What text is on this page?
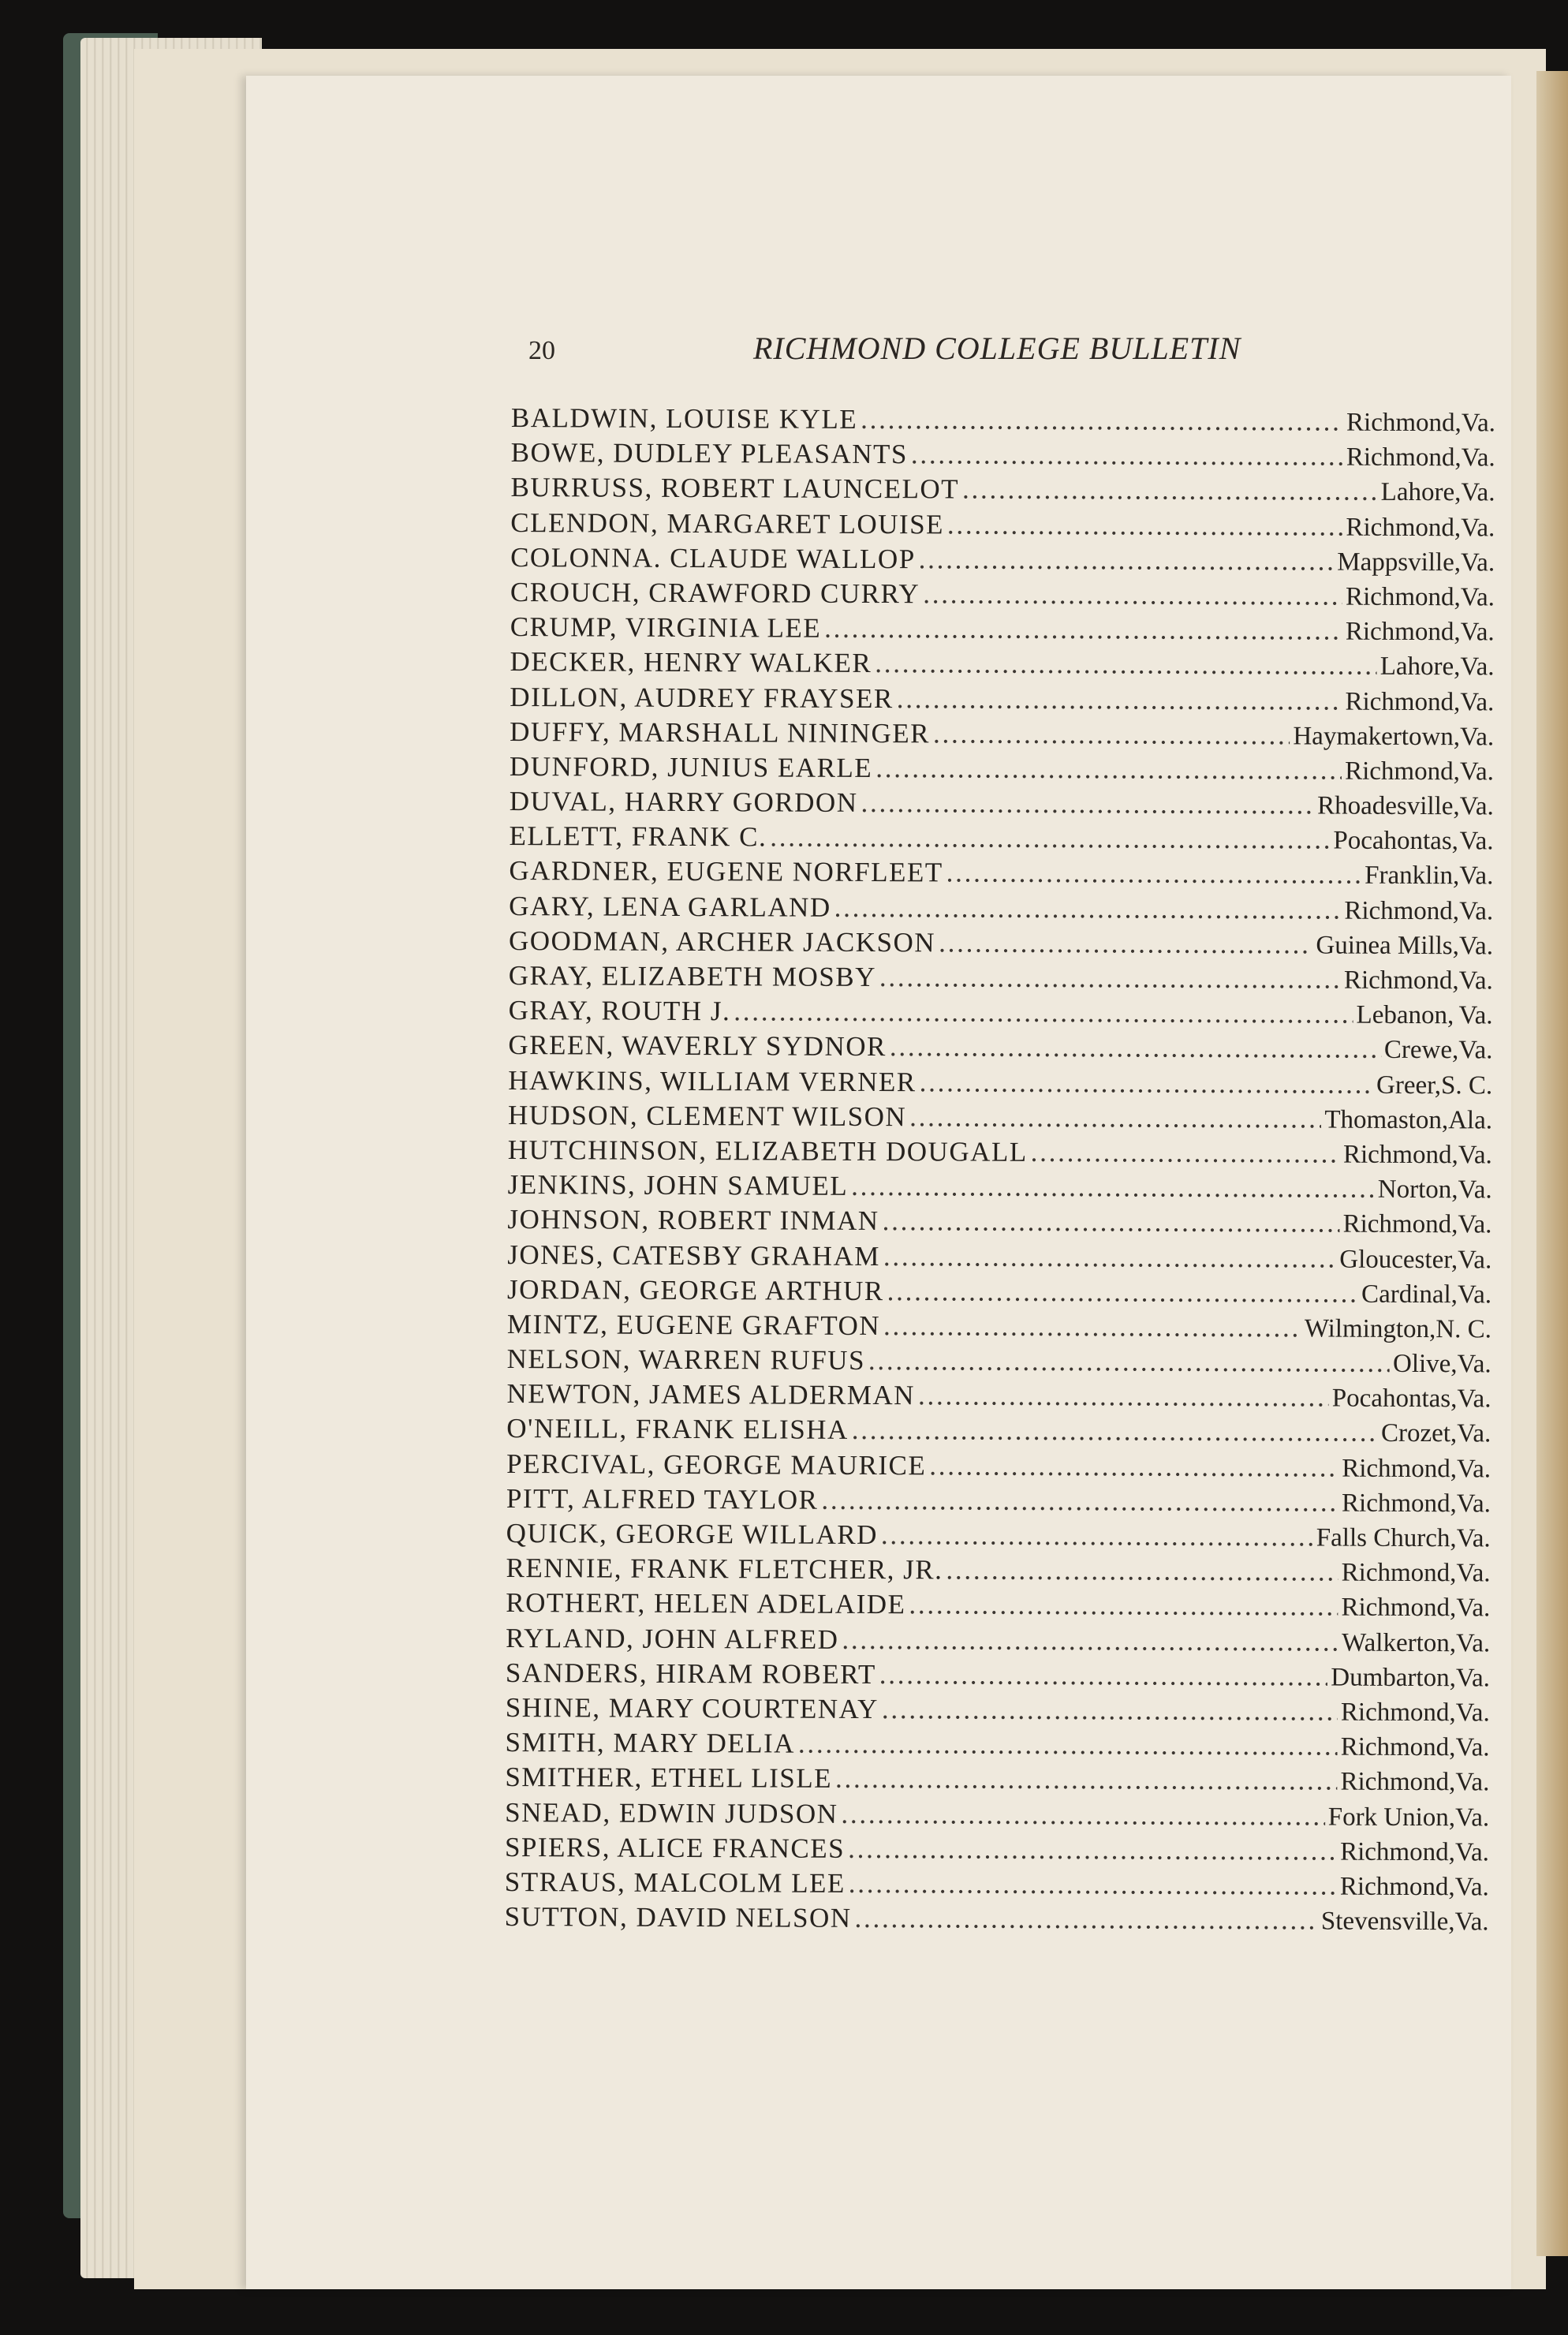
20	RICHMOND COLLEGE BULLETIN
BALDWIN, LOUISE KYLE . . .	Richmond, Va.
BOWE, DUDLEY PLEASANTS . . .	Richmond, Va.
BURRUSS, ROBERT LAUNCELOT . . .	Lahore, Va.
CLENDON, MARGARET LOUISE . . .	Richmond, Va.
COLONNA. CLAUDE WALLOP . . .	Mappsville, Va.
CROUCH, CRAWFORD CURRY . . .	Richmond, Va.
CRUMP, VIRGINIA LEE . . .	Richmond, Va.
DECKER, HENRY WALKER . . .	Lahore, Va.
DILLON, AUDREY FRAYSER . . .	Richmond, Va.
DUFFY, MARSHALL NININGER . . .	Haymakertown, Va.
DUNFORD, JUNIUS EARLE . . .	Richmond, Va.
DUVAL, HARRY GORDON . . .	Rhoadesville, Va.
ELLETT, FRANK C. . . .	Pocahontas, Va.
GARDNER, EUGENE NORFLEET . . .	Franklin, Va.
GARY, LENA GARLAND . . .	Richmond, Va.
GOODMAN, ARCHER JACKSON . . .	Guinea Mills, Va.
GRAY, ELIZABETH MOSBY . . .	Richmond, Va.
GRAY, ROUTH J. . . .	Lebanon, Va.
GREEN, WAVERLY SYDNOR . . .	Crewe, Va.
HAWKINS, WILLIAM VERNER . . .	Greer, S. C.
HUDSON, CLEMENT WILSON . . .	Thomaston, Ala.
HUTCHINSON, ELIZABETH DOUGALL . . .	Richmond, Va.
JENKINS, JOHN SAMUEL . . .	Norton, Va.
JOHNSON, ROBERT INMAN . . .	Richmond, Va.
JONES, CATESBY GRAHAM . . .	Gloucester, Va.
JORDAN, GEORGE ARTHUR . . .	Cardinal, Va.
MINTZ, EUGENE GRAFTON . . .	Wilmington, N. C.
NELSON, WARREN RUFUS . . .	Olive, Va.
NEWTON, JAMES ALDERMAN . . .	Pocahontas, Va.
O'NEILL, FRANK ELISHA . . .	Crozet, Va.
PERCIVAL, GEORGE MAURICE . . .	Richmond, Va.
PITT, ALFRED TAYLOR . . .	Richmond, Va.
QUICK, GEORGE WILLARD . . .	Falls Church, Va.
RENNIE, FRANK FLETCHER, JR. . . .	Richmond, Va.
ROTHERT, HELEN ADELAIDE . . .	Richmond, Va.
RYLAND, JOHN ALFRED . . .	Walkerton, Va.
SANDERS, HIRAM ROBERT . . .	Dumbarton, Va.
SHINE, MARY COURTENAY . . .	Richmond, Va.
SMITH, MARY DELIA . . .	Richmond, Va.
SMITHER, ETHEL LISLE . . .	Richmond, Va.
SNEAD, EDWIN JUDSON . . .	Fork Union, Va.
SPIERS, ALICE FRANCES . . .	Richmond, Va.
STRAUS, MALCOLM LEE . . .	Richmond, Va.
SUTTON, DAVID NELSON . . .	Stevensville, Va.
